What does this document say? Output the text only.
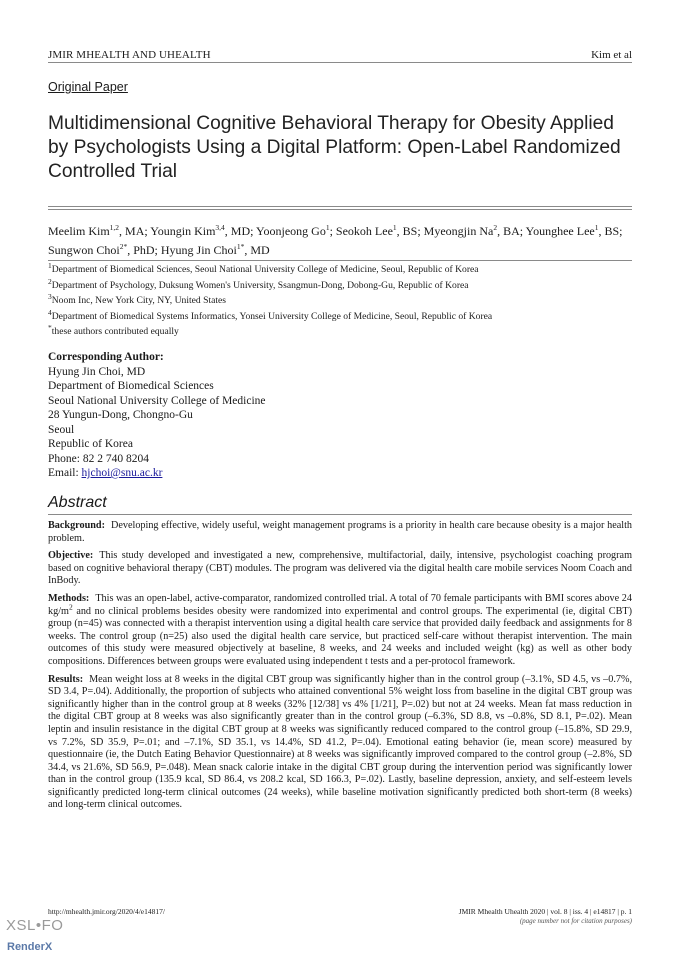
JMIR MHEALTH AND UHEALTH	Kim et al
Original Paper
Multidimensional Cognitive Behavioral Therapy for Obesity Applied by Psychologists Using a Digital Platform: Open-Label Randomized Controlled Trial
Meelim Kim$^{1,2}$, MA; Youngin Kim$^{3,4}$, MD; Yoonjeong Go$^1$; Seokoh Lee$^1$, BS; Myeongjin Na$^2$, BA; Younghee Lee$^1$, BS; Sungwon Choi$^{2*}$, PhD; Hyung Jin Choi$^{1*}$, MD
$^1$Department of Biomedical Sciences, Seoul National University College of Medicine, Seoul, Republic of Korea
$^2$Department of Psychology, Duksung Women's University, Ssangmun-Dong, Dobong-Gu, Republic of Korea
$^3$Noom Inc, New York City, NY, United States
$^4$Department of Biomedical Systems Informatics, Yonsei University College of Medicine, Seoul, Republic of Korea
*these authors contributed equally
Corresponding Author:
Hyung Jin Choi, MD
Department of Biomedical Sciences
Seoul National University College of Medicine
28 Yungun-Dong, Chongno-Gu
Seoul
Republic of Korea
Phone: 82 2 740 8204
Email: hjchoi@snu.ac.kr
Abstract

Background: Developing effective, widely useful, weight management programs is a priority in health care because obesity is a major health problem.

Objective: This study developed and investigated a new, comprehensive, multifactorial, daily, intensive, psychologist coaching program based on cognitive behavioral therapy (CBT) modules. The program was delivered via the digital health care mobile services Noom Coach and InBody.

Methods: This was an open-label, active-comparator, randomized controlled trial. A total of 70 female participants with BMI scores above 24 $kg/m^2$ and no clinical problems besides obesity were randomized into experimental and control groups. The experimental (ie, digital CBT) group (n=45) was connected with a therapist intervention using a digital health care service that provided daily feedback and assignments for 8 weeks. The control group (n=25) also used the digital health care service, but practiced self-care without therapist intervention. The main outcomes of this study were measured objectively at baseline, 8 weeks, and 24 weeks and included weight (kg) as well as other body compositions. Differences between groups were evaluated using independent t tests and a per-protocol framework.

Results: Mean weight loss at 8 weeks in the digital CBT group was significantly higher than in the control group (–3.1%, SD 4.5, vs –0.7%, SD 3.4, P=.04). Additionally, the proportion of subjects who attained conventional 5% weight loss from baseline in the digital CBT group was significantly higher than in the control group at 8 weeks (32% [12/38] vs 4% [1/21], P=.02) but not at 24 weeks. Mean fat mass reduction in the digital CBT group at 8 weeks was also significantly greater than in the control group (–6.3%, SD 8.8, vs –0.8%, SD 8.1, P=.02). Mean leptin and insulin resistance in the digital CBT group at 8 weeks was significantly reduced compared to the control group (–15.8%, SD 29.9, vs 7.2%, SD 35.9, P=.01; and –7.1%, SD 35.1, vs 14.4%, SD 41.2, P=.04). Emotional eating behavior (ie, mean score) measured by questionnaire (ie, the Dutch Eating Behavior Questionnaire) at 8 weeks was significantly improved compared to the control group (–2.8%, SD 34.4, vs 21.6%, SD 56.9, P=.048). Mean snack calorie intake in the digital CBT group during the intervention period was significantly lower than in the control group (135.9 kcal, SD 86.4, vs 208.2 kcal, SD 166.3, P=.02). Lastly, baseline depression, anxiety, and self-esteem levels significantly predicted long-term clinical outcomes (24 weeks), while baseline motivation significantly predicted both short-term (8 weeks) and long-term clinical outcomes.

http://mhealth.jmir.org/2020/4/e14817/	JMIR Mhealth Uhealth 2020 | vol. 8 | iss. 4 | e14817 | p. 1
(page number not for citation purposes)
XSL•FO
RenderX
